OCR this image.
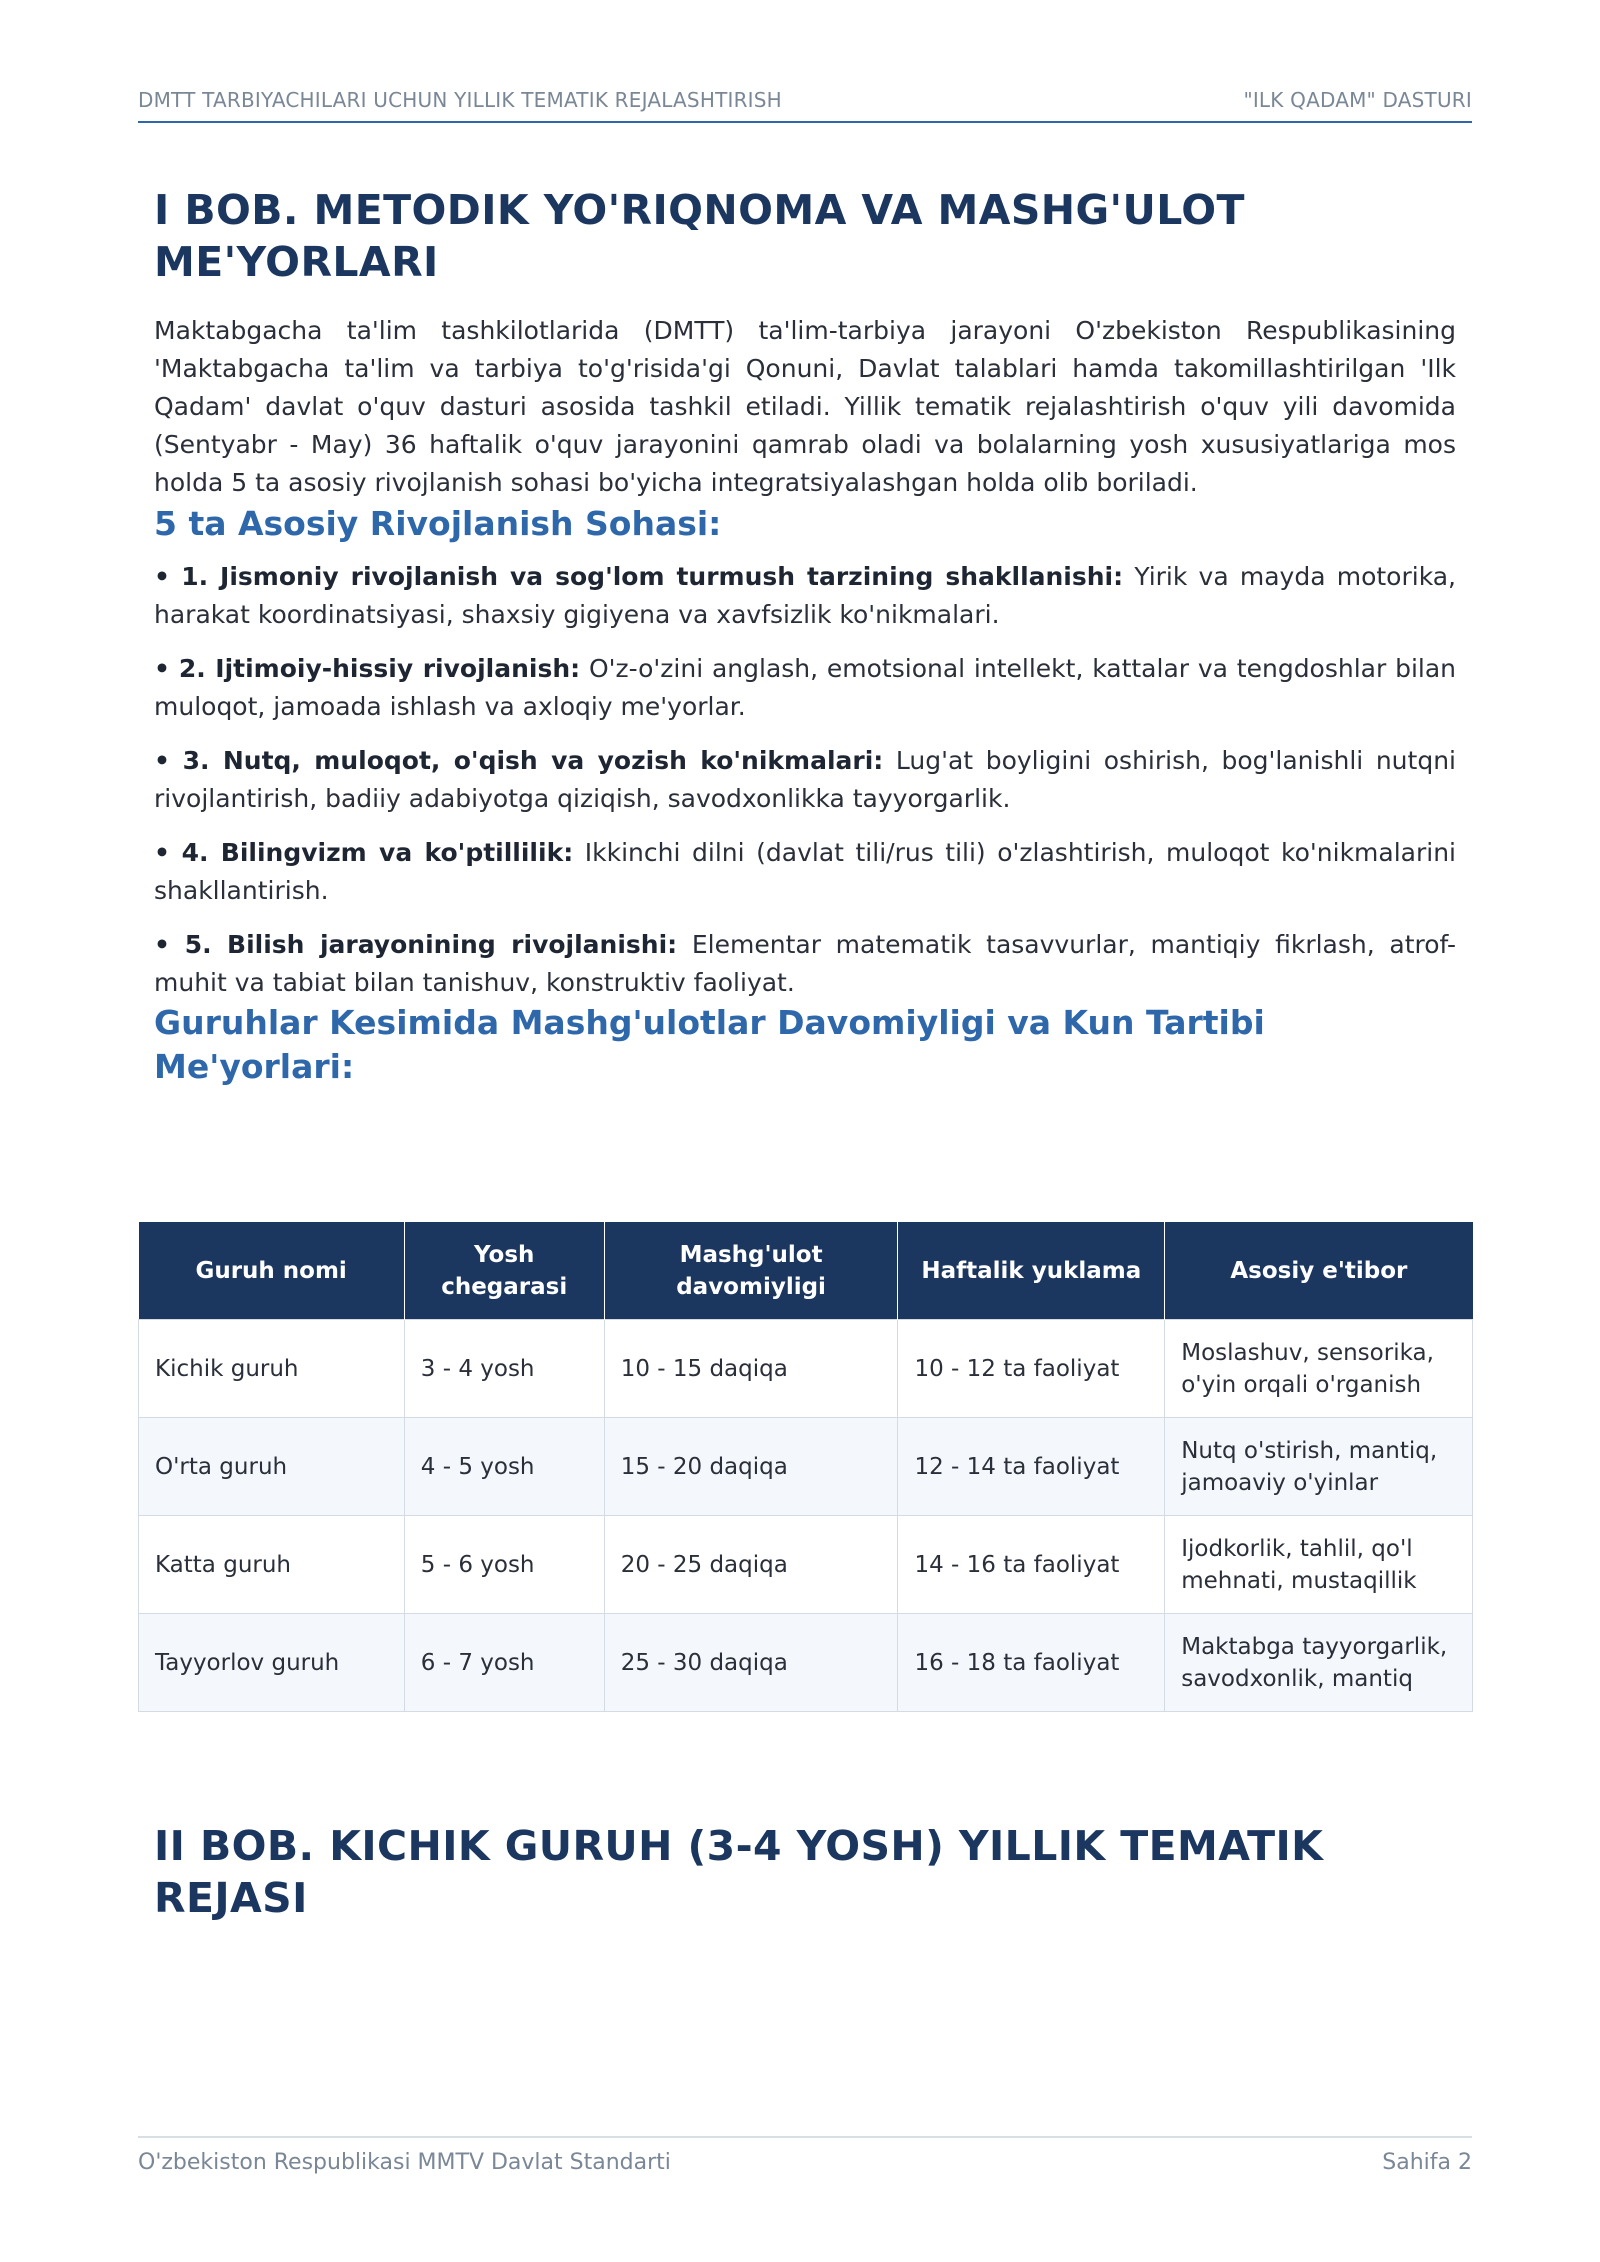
DMTT TARBIYACHILARI UCHUN YILLIK TEMATIK REJALASHTIRISH	"ILK QADAM" DASTURI
I BOB. METODIK YO'RIQNOMA VA MASHG'ULOT ME'YORLARI

Maktabgacha ta'lim tashkilotlarida (DMTT) ta'lim-tarbiya jarayoni O'zbekiston Respublikasining 'Maktabgacha ta'lim va tarbiya to'g'risida'gi Qonuni, Davlat talablari hamda takomillashtirilgan 'Ilk Qadam' davlat o'quv dasturi asosida tashkil etiladi. Yillik tematik rejalashtirish o'quv yili davomida (Sentyabr - May) 36 haftalik o'quv jarayonini qamrab oladi va bolalarning yosh xususiyatlariga mos holda 5 ta asosiy rivojlanish sohasi bo'yicha integratsiyalashgan holda olib boriladi.

5 ta Asosiy Rivojlanish Sohasi:

• 1. Jismoniy rivojlanish va sog'lom turmush tarzining shakllanishi: Yirik va mayda motorika, harakat koordinatsiyasi, shaxsiy gigiyena va xavfsizlik ko'nikmalari.

• 2. Ijtimoiy-hissiy rivojlanish: O'z-o'zini anglash, emotsional intellekt, kattalar va tengdoshlar bilan muloqot, jamoada ishlash va axloqiy me'yorlar.

• 3. Nutq, muloqot, o'qish va yozish ko'nikmalari: Lug'at boyligini oshirish, bog'lanishli nutqni rivojlantirish, badiiy adabiyotga qiziqish, savodxonlikka tayyorgarlik.

• 4. Bilingvizm va ko'ptillilik: Ikkinchi dilni (davlat tili/rus tili) o'zlashtirish, muloqot ko'nikmalarini shakllantirish.

• 5. Bilish jarayonining rivojlanishi: Elementar matematik tasavvurlar, mantiqiy fikrlash, atrof-muhit va tabiat bilan tanishuv, konstruktiv faoliyat.

Guruhlar Kesimida Mashg'ulotlar Davomiyligi va Kun Tartibi Me'yorlari:
Guruh nomi	Yosh chegarasi	Mashg'ulot davomiyligi	Haftalik yuklama	Asosiy e'tibor
Kichik guruh	3 - 4 yosh	10 - 15 daqiqa	10 - 12 ta faoliyat	Moslashuv, sensorika, o'yin orqali o'rganish
O'rta guruh	4 - 5 yosh	15 - 20 daqiqa	12 - 14 ta faoliyat	Nutq o'stirish, mantiq, jamoaviy o'yinlar
Katta guruh	5 - 6 yosh	20 - 25 daqiqa	14 - 16 ta faoliyat	Ijodkorlik, tahlil, qo'l mehnati, mustaqillik
Tayyorlov guruh	6 - 7 yosh	25 - 30 daqiqa	16 - 18 ta faoliyat	Maktabga tayyorgarlik, savodxonlik, mantiq
II BOB. KICHIK GURUH (3-4 YOSH) YILLIK TEMATIK REJASI
O'zbekiston Respublikasi MMTV Davlat Standarti	Sahifa 2
